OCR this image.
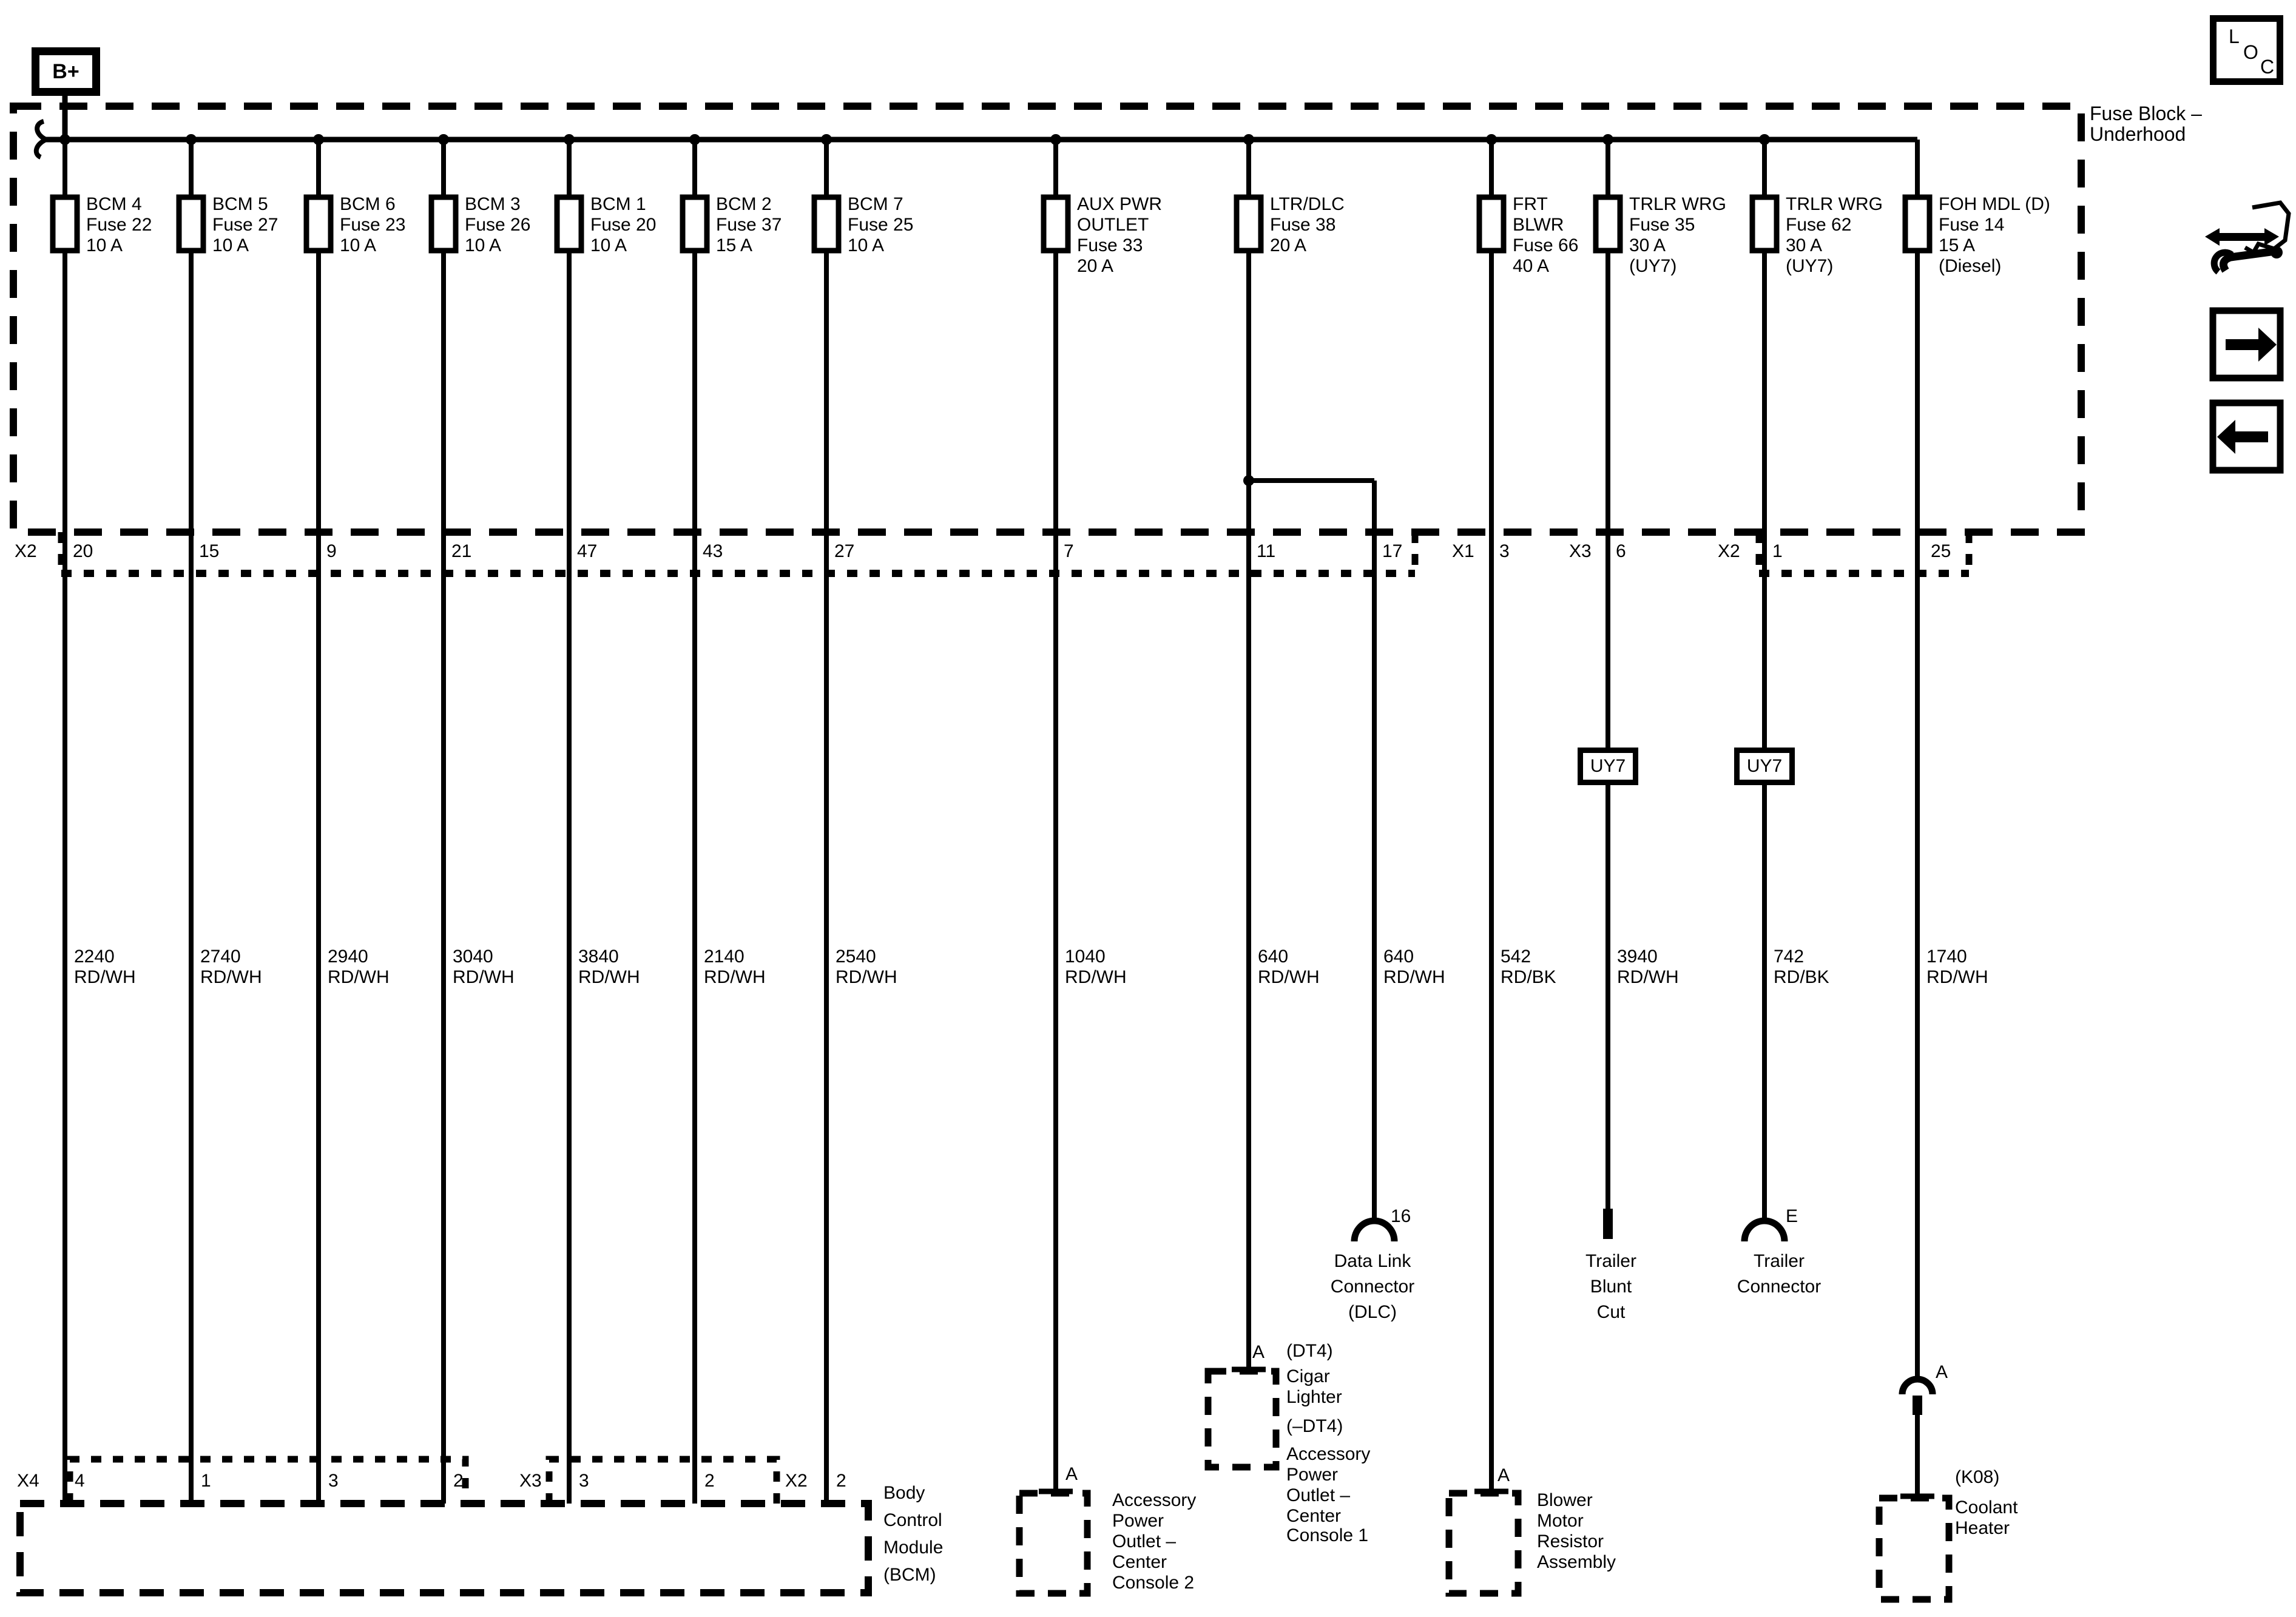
B+
Fuse Block –
Underhood
L
O
C
BCM 4
Fuse 22
10 A
BCM 5
Fuse 27
10 A
BCM 6
Fuse 23
10 A
BCM 3
Fuse 26
10 A
BCM 1
Fuse 20
10 A
BCM 2
Fuse 37
15 A
BCM 7
Fuse 25
10 A
AUX PWR
OUTLET
Fuse 33
20 A
LTR/DLC
Fuse 38
20 A
FRT
BLWR
Fuse 66
40 A
TRLR WRG
Fuse 35
30 A
(UY7)
TRLR WRG
Fuse 62
30 A
(UY7)
FOH MDL (D)
Fuse 14
15 A
(Diesel)
X2 20	15	9	21	47	43	27	7	11	17	X1 3	X3 6	X2 1	25
2240
RD/WH
2740
RD/WH
2940
RD/WH
3040
RD/WH
3840
RD/WH
2140
RD/WH
2540
RD/WH
1040
RD/WH
640
RD/WH
640
RD/WH
542
RD/BK
3940
RD/WH
742
RD/BK
1740
RD/WH
UY7	UY7
16
Data Link
Connector
(DLC)
Trailer
Blunt
Cut
E
Trailer
Connector
X4 4	1	3	2	X3 3	2	X2 2
Body
Control
Module
(BCM)
A
Accessory
Power
Outlet –
Center
Console 2
A (DT4)
Cigar
Lighter
(–DT4)
Accessory
Power
Outlet –
Center
Console 1
A
Blower
Motor
Resistor
Assembly
A
(K08)
Coolant
Heater
